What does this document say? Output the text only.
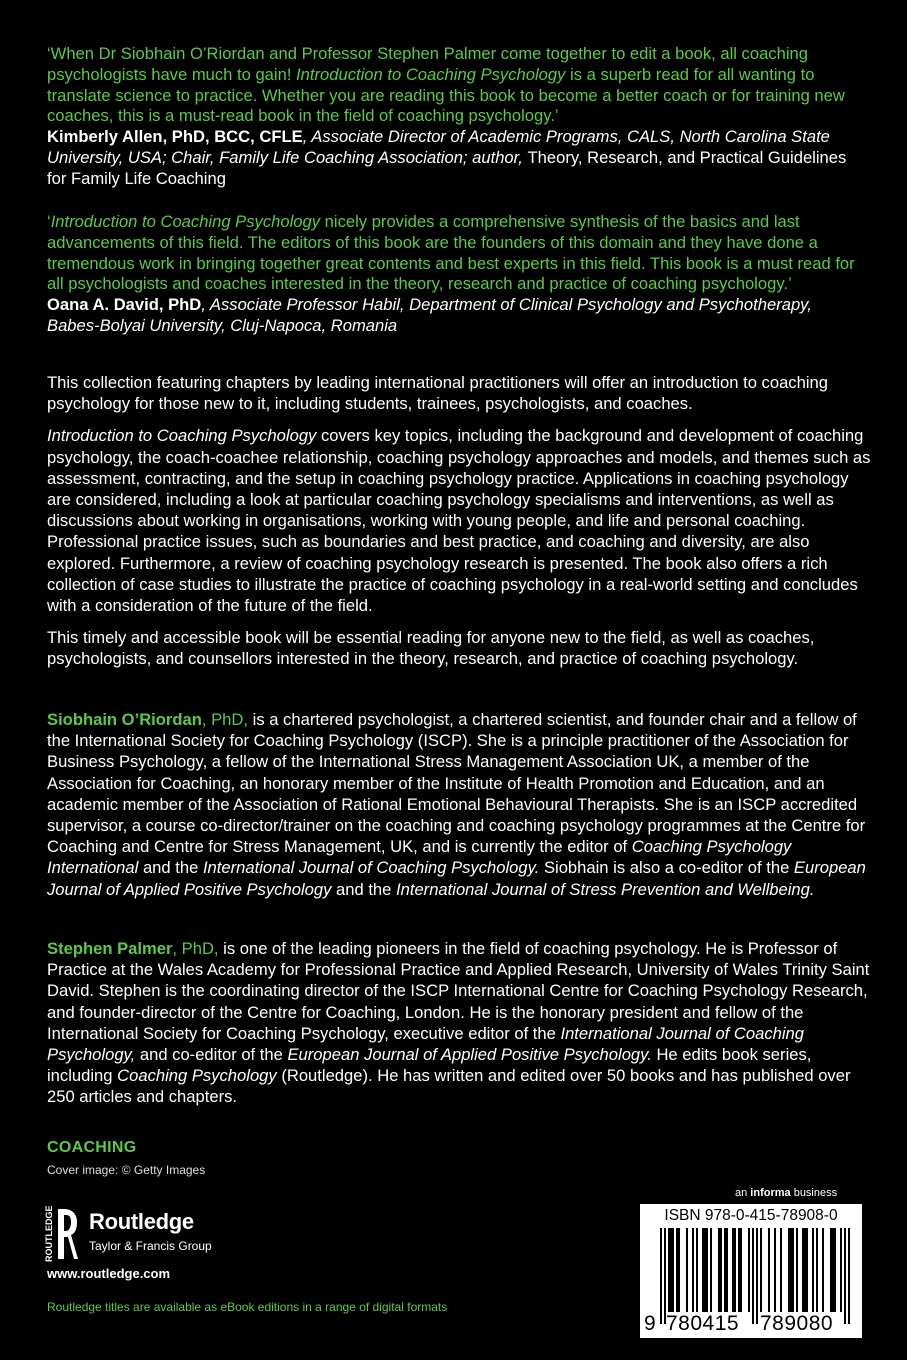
‘When Dr Siobhain O’Riordan and Professor Stephen Palmer come together to edit a book, all coaching psychologists have much to gain! Introduction to Coaching Psychology is a superb read for all wanting to translate science to practice. Whether you are reading this book to become a better coach or for training new coaches, this is a must-read book in the field of coaching psychology.’

Kimberly Allen, PhD, BCC, CFLE, Associate Director of Academic Programs, CALS, North Carolina State University, USA; Chair, Family Life Coaching Association; author, Theory, Research, and Practical Guidelines for Family Life Coaching

‘Introduction to Coaching Psychology nicely provides a comprehensive synthesis of the basics and last advancements of this field. The editors of this book are the founders of this domain and they have done a tremendous work in bringing together great contents and best experts in this field. This book is a must read for all psychologists and coaches interested in the theory, research and practice of coaching psychology.’

Oana A. David, PhD, Associate Professor Habil, Department of Clinical Psychology and Psychotherapy, Babes-Bolyai University, Cluj-Napoca, Romania

This collection featuring chapters by leading international practitioners will offer an introduction to coaching psychology for those new to it, including students, trainees, psychologists, and coaches.

Introduction to Coaching Psychology covers key topics, including the background and development of coaching psychology, the coach-coachee relationship, coaching psychology approaches and models, and themes such as assessment, contracting, and the setup in coaching psychology practice. Applications in coaching psychology are considered, including a look at particular coaching psychology specialisms and interventions, as well as discussions about working in organisations, working with young people, and life and personal coaching. Professional practice issues, such as boundaries and best practice, and coaching and diversity, are also explored. Furthermore, a review of coaching psychology research is presented. The book also offers a rich collection of case studies to illustrate the practice of coaching psychology in a real-world setting and concludes with a consideration of the future of the field.

This timely and accessible book will be essential reading for anyone new to the field, as well as coaches, psychologists, and counsellors interested in the theory, research, and practice of coaching psychology.

Siobhain O’Riordan, PhD, is a chartered psychologist, a chartered scientist, and founder chair and a fellow of the International Society for Coaching Psychology (ISCP). She is a principle practitioner of the Association for Business Psychology, a fellow of the International Stress Management Association UK, a member of the Association for Coaching, an honorary member of the Institute of Health Promotion and Education, and an academic member of the Association of Rational Emotional Behavioural Therapists. She is an ISCP accredited supervisor, a course co-director/trainer on the coaching and coaching psychology programmes at the Centre for Coaching and Centre for Stress Management, UK, and is currently the editor of Coaching Psychology International and the International Journal of Coaching Psychology. Siobhain is also a co-editor of the European Journal of Applied Positive Psychology and the International Journal of Stress Prevention and Wellbeing.

Stephen Palmer, PhD, is one of the leading pioneers in the field of coaching psychology. He is Professor of Practice at the Wales Academy for Professional Practice and Applied Research, University of Wales Trinity Saint David. Stephen is the coordinating director of the ISCP International Centre for Coaching Psychology Research, and founder-director of the Centre for Coaching, London. He is the honorary president and fellow of the International Society for Coaching Psychology, executive editor of the International Journal of Coaching Psychology, and co-editor of the European Journal of Applied Positive Psychology. He edits book series, including Coaching Psychology (Routledge). He has written and edited over 50 books and has published over 250 articles and chapters.

COACHING
Cover image: © Getty Images
ROUTLEDGE Routledge
Taylor & Francis Group
www.routledge.com
Routledge titles are available as eBook editions in a range of digital formats
an informa business
ISBN 978-0-415-78908-0
9 780415 789080
